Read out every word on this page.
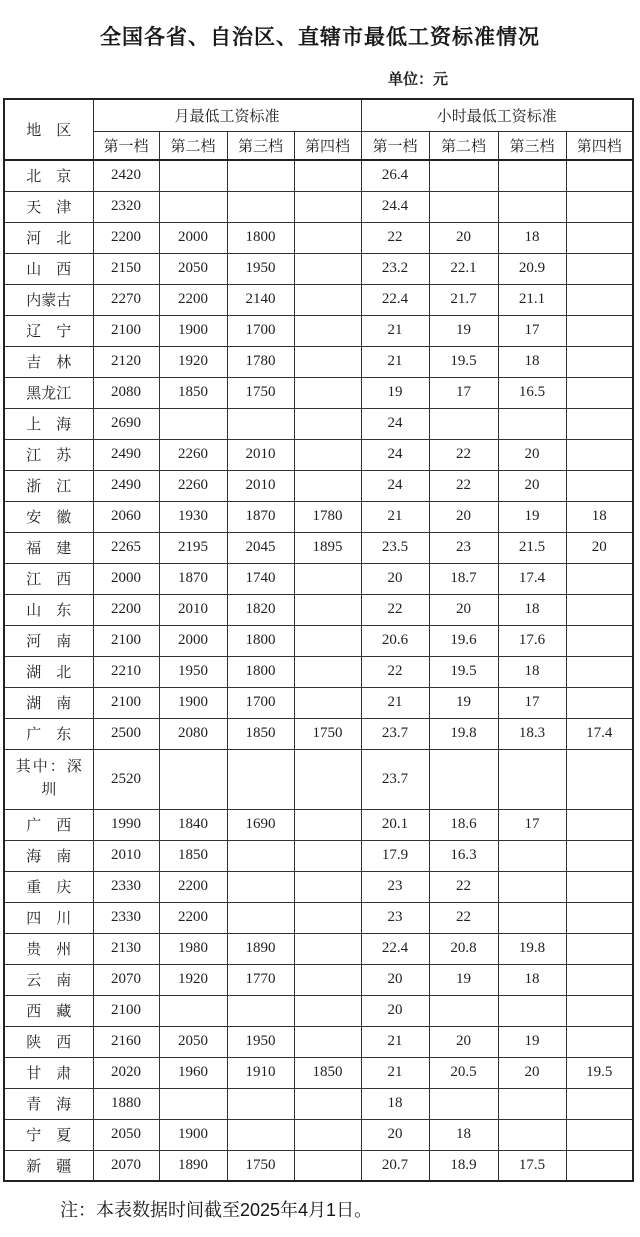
全国各省、自治区、直辖市最低工资标准情况
单位：元
地　区	月最低工资标准				小时最低工资标准			
	第一档	第二档	第三档	第四档	第一档	第二档	第三档	第四档
北　京	2420				26.4			
天　津	2320				24.4			
河　北	2200	2000	1800		22	20	18	
山　西	2150	2050	1950		23.2	22.1	20.9	
内蒙古	2270	2200	2140		22.4	21.7	21.1	
辽　宁	2100	1900	1700		21	19	17	
吉　林	2120	1920	1780		21	19.5	18	
黑龙江	2080	1850	1750		19	17	16.5	
上　海	2690				24			
江　苏	2490	2260	2010		24	22	20	
浙　江	2490	2260	2010		24	22	20	
安　徽	2060	1930	1870	1780	21	20	19	18
福　建	2265	2195	2045	1895	23.5	23	21.5	20
江　西	2000	1870	1740		20	18.7	17.4	
山　东	2200	2010	1820		22	20	18	
河　南	2100	2000	1800		20.6	19.6	17.6	
湖　北	2210	1950	1800		22	19.5	18	
湖　南	2100	1900	1700		21	19	17	
广　东	2500	2080	1850	1750	23.7	19.8	18.3	17.4
其中：深圳	2520				23.7			
广　西	1990	1840	1690		20.1	18.6	17	
海　南	2010	1850			17.9	16.3		
重　庆	2330	2200			23	22		
四　川	2330	2200			23	22		
贵　州	2130	1980	1890		22.4	20.8	19.8	
云　南	2070	1920	1770		20	19	18	
西　藏	2100				20			
陕　西	2160	2050	1950		21	20	19	
甘　肃	2020	1960	1910	1850	21	20.5	20	19.5
青　海	1880				18			
宁　夏	2050	1900			20	18		
新　疆	2070	1890	1750		20.7	18.9	17.5	
注：本表数据时间截至2025年4月1日。
